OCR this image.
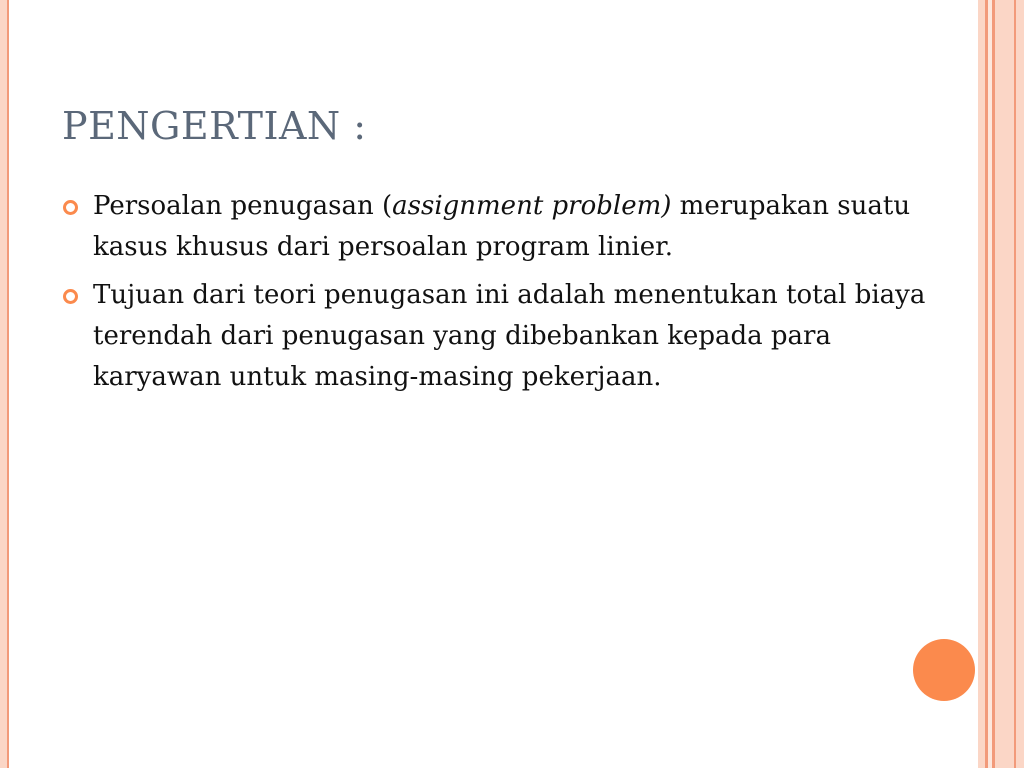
PENGERTIAN :
Persoalan penugasan (assignment problem) merupakan suatu kasus khusus dari persoalan program linier.
Tujuan dari teori penugasan ini adalah menentukan total biaya terendah dari penugasan yang dibebankan kepada para karyawan untuk masing-masing pekerjaan.
